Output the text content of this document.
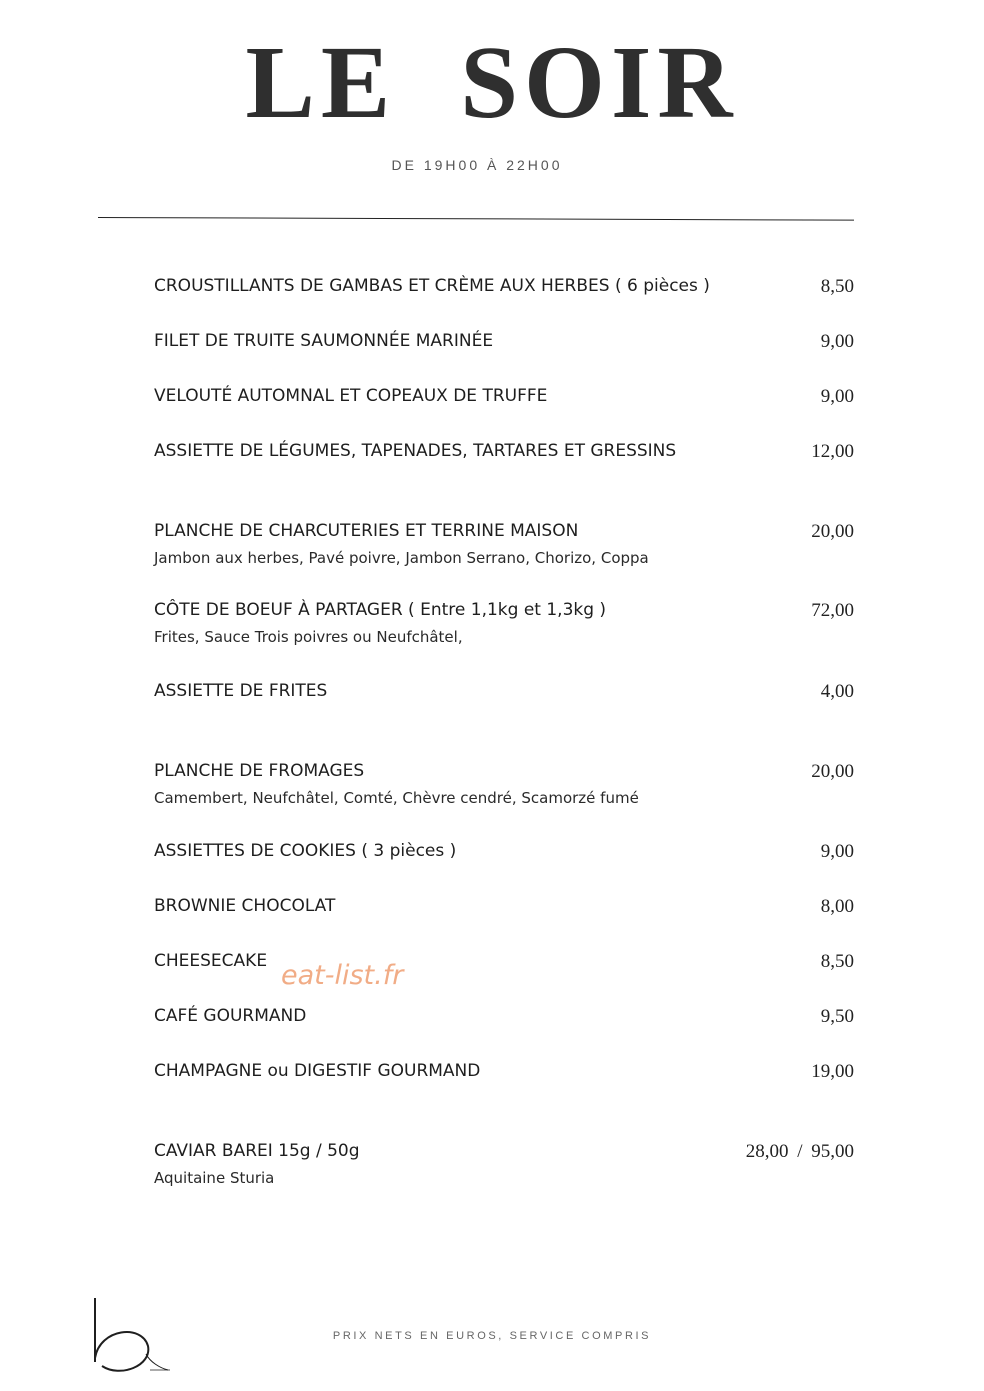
LE  SOIR
DE 19H00 À 22H00
CROUSTILLANTS DE GAMBAS ET CRÈME AUX HERBES ( 6 pièces )	8,50
FILET DE TRUITE SAUMONNÉE MARINÉE	9,00
VELOUTÉ AUTOMNAL ET COPEAUX DE TRUFFE	9,00
ASSIETTE DE LÉGUMES, TAPENADES, TARTARES ET GRESSINS	12,00
PLANCHE DE CHARCUTERIES ET TERRINE MAISON	20,00
Jambon aux herbes, Pavé poivre, Jambon Serrano, Chorizo, Coppa
CÔTE DE BOEUF À PARTAGER ( Entre 1,1kg et 1,3kg )	72,00
Frites, Sauce Trois poivres ou Neufchâtel,
ASSIETTE DE FRITES	4,00
PLANCHE DE FROMAGES	20,00
Camembert, Neufchâtel, Comté, Chèvre cendré, Scamorzé fumé
ASSIETTES DE COOKIES ( 3 pièces )	9,00
BROWNIE CHOCOLAT	8,00
CHEESECAKE	8,50
CAFÉ GOURMAND	9,50
CHAMPAGNE ou DIGESTIF GOURMAND	19,00
CAVIAR BAREI 15g / 50g	28,00 / 95,00
Aquitaine Sturia
eat-list.fr
PRIX NETS EN EUROS, SERVICE COMPRIS
